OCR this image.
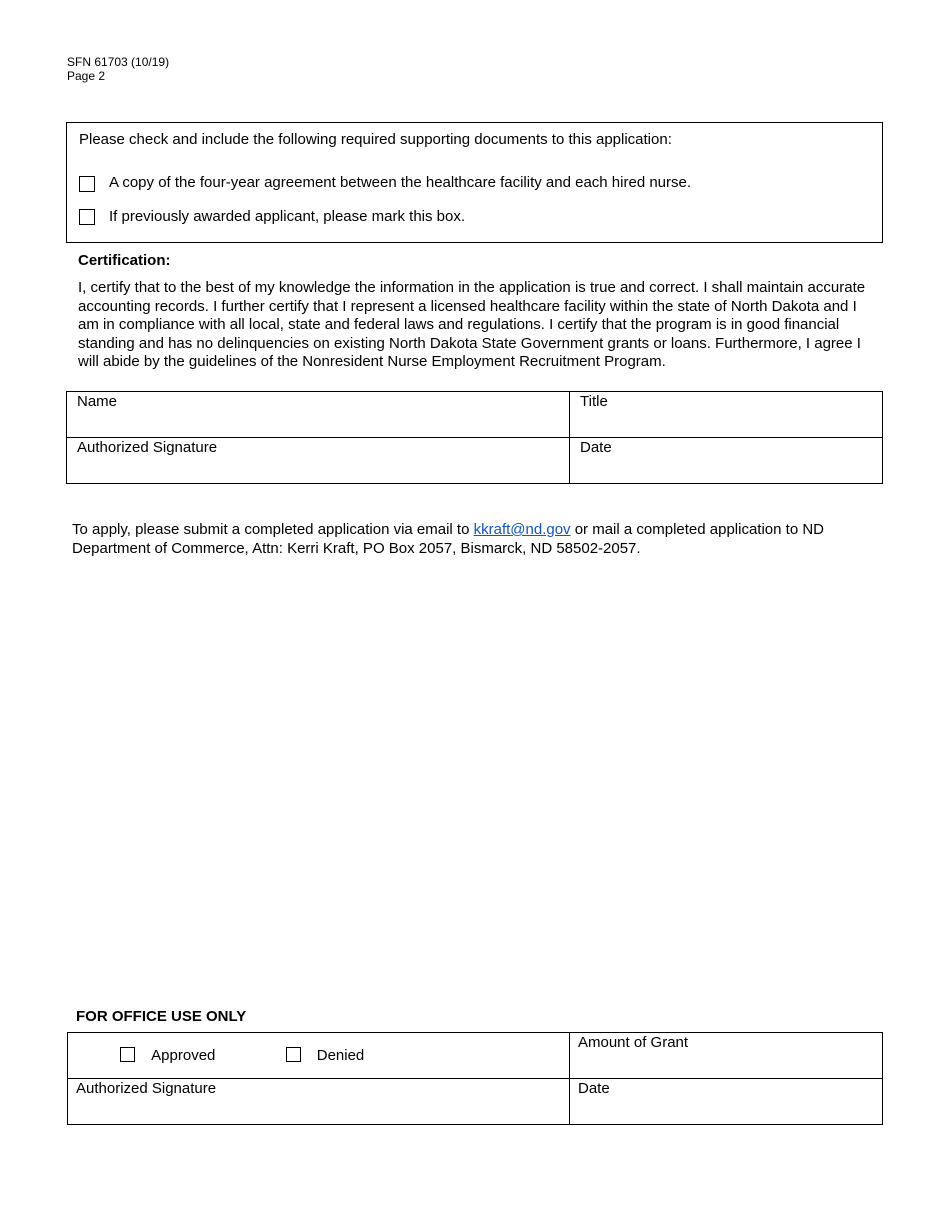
SFN 61703 (10/19)
Page 2
Please check and include the following required supporting documents to this application:
A copy of the four-year agreement between the healthcare facility and each hired nurse.
If previously awarded applicant, please mark this box.
Certification:
I, certify that to the best of my knowledge the information in the application is true and correct. I shall maintain accurate accounting records. I further certify that I represent a licensed healthcare facility within the state of North Dakota and I am in compliance with all local, state and federal laws and regulations. I certify that the program is in good financial standing and has no delinquencies on existing North Dakota State Government grants or loans. Furthermore, I agree I will abide by the guidelines of the Nonresident Nurse Employment Recruitment Program.
Name	Title
Authorized Signature	Date
To apply, please submit a completed application via email to kkraft@nd.gov or mail a completed application to ND Department of Commerce, Attn: Kerri Kraft, PO Box 2057, Bismarck, ND 58502-2057.
FOR OFFICE USE ONLY
Approved Denied	Amount of Grant
Authorized Signature	Date
